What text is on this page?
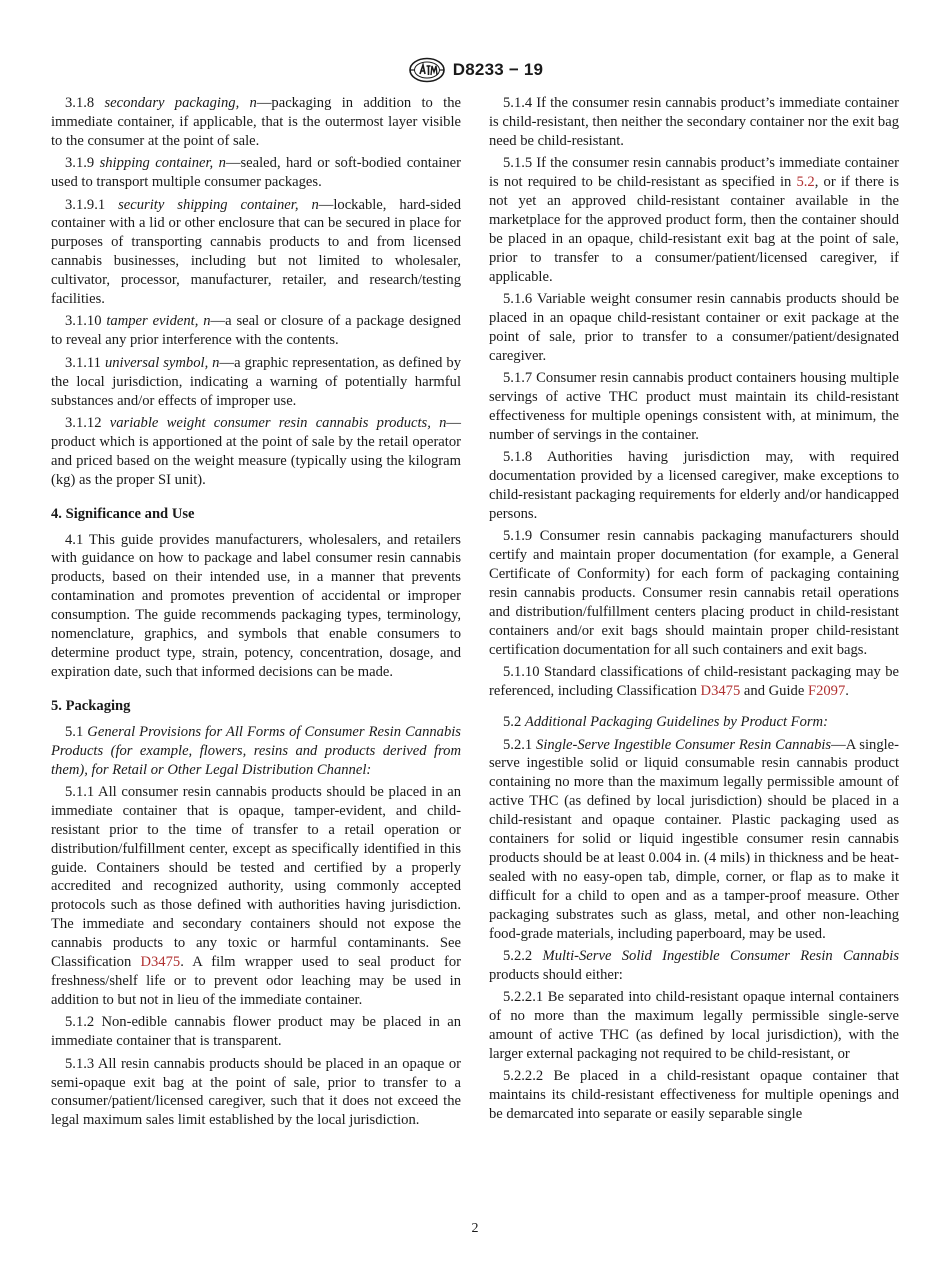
D8233 − 19

3.1.8 secondary packaging, n—packaging in addition to the immediate container, if applicable, that is the outermost layer visible to the consumer at the point of sale.

3.1.9 shipping container, n—sealed, hard or soft-bodied container used to transport multiple consumer packages.

3.1.9.1 security shipping container, n—lockable, hard-sided container with a lid or other enclosure that can be secured in place for purposes of transporting cannabis products to and from licensed cannabis businesses, including but not limited to wholesaler, cultivator, processor, manufacturer, retailer, and research/testing facilities.

3.1.10 tamper evident, n—a seal or closure of a package designed to reveal any prior interference with the contents.

3.1.11 universal symbol, n—a graphic representation, as defined by the local jurisdiction, indicating a warning of potentially harmful substances and/or effects of improper use.

3.1.12 variable weight consumer resin cannabis products, n—product which is apportioned at the point of sale by the retail operator and priced based on the weight measure (typically using the kilogram (kg) as the proper SI unit).

4. Significance and Use

4.1 This guide provides manufacturers, wholesalers, and retailers with guidance on how to package and label consumer resin cannabis products, based on their intended use, in a manner that prevents contamination and promotes prevention of accidental or improper consumption. The guide recommends packaging types, terminology, nomenclature, graphics, and symbols that enable consumers to determine product type, strain, potency, concentration, dosage, and expiration date, such that informed decisions can be made.

5. Packaging

5.1 General Provisions for All Forms of Consumer Resin Cannabis Products (for example, flowers, resins and products derived from them), for Retail or Other Legal Distribution Channel:

5.1.1 All consumer resin cannabis products should be placed in an immediate container that is opaque, tamper-evident, and child-resistant prior to the time of transfer to a retail operation or distribution/fulfillment center, except as specifically identified in this guide. Containers should be tested and certified by a properly accredited and recognized authority, using commonly accepted protocols such as those defined with authorities having jurisdiction. The immediate and secondary containers should not expose the cannabis products to any toxic or harmful contaminants. See Classification D3475. A film wrapper used to seal product for freshness/shelf life or to prevent odor leaching may be used in addition to but not in lieu of the immediate container.

5.1.2 Non-edible cannabis flower product may be placed in an immediate container that is transparent.

5.1.3 All resin cannabis products should be placed in an opaque or semi-opaque exit bag at the point of sale, prior to transfer to a consumer/patient/licensed caregiver, such that it does not exceed the legal maximum sales limit established by the local jurisdiction.

5.1.4 If the consumer resin cannabis product’s immediate container is child-resistant, then neither the secondary container nor the exit bag need be child-resistant.

5.1.5 If the consumer resin cannabis product’s immediate container is not required to be child-resistant as specified in 5.2, or if there is not yet an approved child-resistant container available in the marketplace for the approved product form, then the container should be placed in an opaque, child-resistant exit bag at the point of sale, prior to transfer to a consumer/patient/licensed caregiver, if applicable.

5.1.6 Variable weight consumer resin cannabis products should be placed in an opaque child-resistant container or exit package at the point of sale, prior to transfer to a consumer/patient/designated caregiver.

5.1.7 Consumer resin cannabis product containers housing multiple servings of active THC product must maintain its child-resistant effectiveness for multiple openings consistent with, at minimum, the number of servings in the container.

5.1.8 Authorities having jurisdiction may, with required documentation provided by a licensed caregiver, make exceptions to child-resistant packaging requirements for elderly and/or handicapped persons.

5.1.9 Consumer resin cannabis packaging manufacturers should certify and maintain proper documentation (for example, a General Certificate of Conformity) for each form of packaging containing resin cannabis products. Consumer resin cannabis retail operations and distribution/fulfillment centers placing product in child-resistant containers and/or exit bags should maintain proper child-resistant certification documentation for all such containers and exit bags.

5.1.10 Standard classifications of child-resistant packaging may be referenced, including Classification D3475 and Guide F2097.

5.2 Additional Packaging Guidelines by Product Form:

5.2.1 Single-Serve Ingestible Consumer Resin Cannabis—A single-serve ingestible solid or liquid consumable resin cannabis product containing no more than the maximum legally permissible amount of active THC (as defined by local jurisdiction) should be placed in a child-resistant and opaque container. Plastic packaging used as containers for solid or liquid ingestible consumer resin cannabis products should be at least 0.004 in. (4 mils) in thickness and be heat-sealed with no easy-open tab, dimple, corner, or flap as to make it difficult for a child to open and as a tamper-proof measure. Other packaging substrates such as glass, metal, and other non-leaching food-grade materials, including paperboard, may be used.

5.2.2 Multi-Serve Solid Ingestible Consumer Resin Cannabis products should either:

5.2.2.1 Be separated into child-resistant opaque internal containers of no more than the maximum legally permissible single-serve amount of active THC (as defined by local jurisdiction), with the larger external packaging not required to be child-resistant, or

5.2.2.2 Be placed in a child-resistant opaque container that maintains its child-resistant effectiveness for multiple openings and be demarcated into separate or easily separable single

2
